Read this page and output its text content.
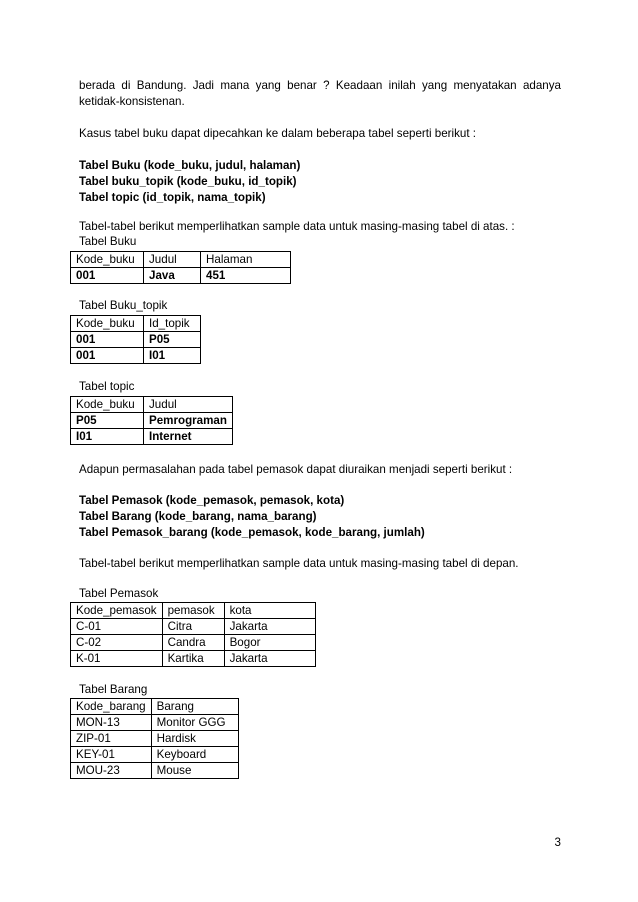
berada di Bandung. Jadi mana yang benar ? Keadaan inilah yang menyatakan adanya ketidak-konsistenan.

Kasus tabel buku dapat dipecahkan ke dalam beberapa tabel seperti berikut :

Tabel Buku (kode_buku, judul, halaman)

Tabel buku_topik (kode_buku, id_topik)

Tabel topic (id_topik, nama_topik)

Tabel-tabel berikut memperlihatkan sample data untuk masing-masing tabel di atas. :

Tabel Buku

Kode_buku	Judul	Halaman
001	Java	451

Tabel Buku_topik

Kode_buku	Id_topik
001	P05
001	I01

Tabel topic

Kode_buku	Judul
P05	Pemrograman
I01	Internet

Adapun permasalahan pada tabel pemasok dapat diuraikan menjadi seperti berikut :

Tabel Pemasok (kode_pemasok, pemasok, kota)

Tabel Barang (kode_barang, nama_barang)

Tabel Pemasok_barang (kode_pemasok, kode_barang, jumlah)

Tabel-tabel berikut memperlihatkan sample data untuk masing-masing tabel di depan.

Tabel Pemasok

Kode_pemasok	pemasok	kota
C-01	Citra	Jakarta
C-02	Candra	Bogor
K-01	Kartika	Jakarta

Tabel Barang

Kode_barang	Barang
MON-13	Monitor GGG
ZIP-01	Hardisk
KEY-01	Keyboard
MOU-23	Mouse
3
